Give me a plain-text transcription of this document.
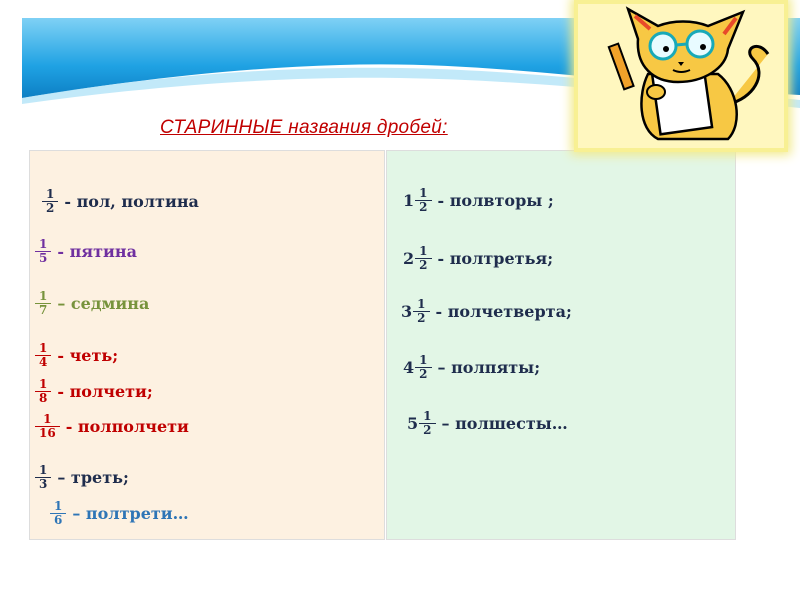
СТАРИННЫЕ названия дробей:
$\frac{1}{2}$ - пол, полтина
$\frac{1}{5}$ - пятина
$\frac{1}{7}$ – седмина
$\frac{1}{4}$ - четь;
$\frac{1}{8}$ - полчети;
$\frac{1}{16}$ - полполчети
$\frac{1}{3}$ – треть;
$\frac{1}{6}$ – полтрети…
$1 \frac{1}{2}$ - полвторы ;
$2 \frac{1}{2}$ - полтретья;
$3 \frac{1}{2}$ - полчетверта;
$4 \frac{1}{2}$ – полпяты;
$5 \frac{1}{2}$ – полшесты…
